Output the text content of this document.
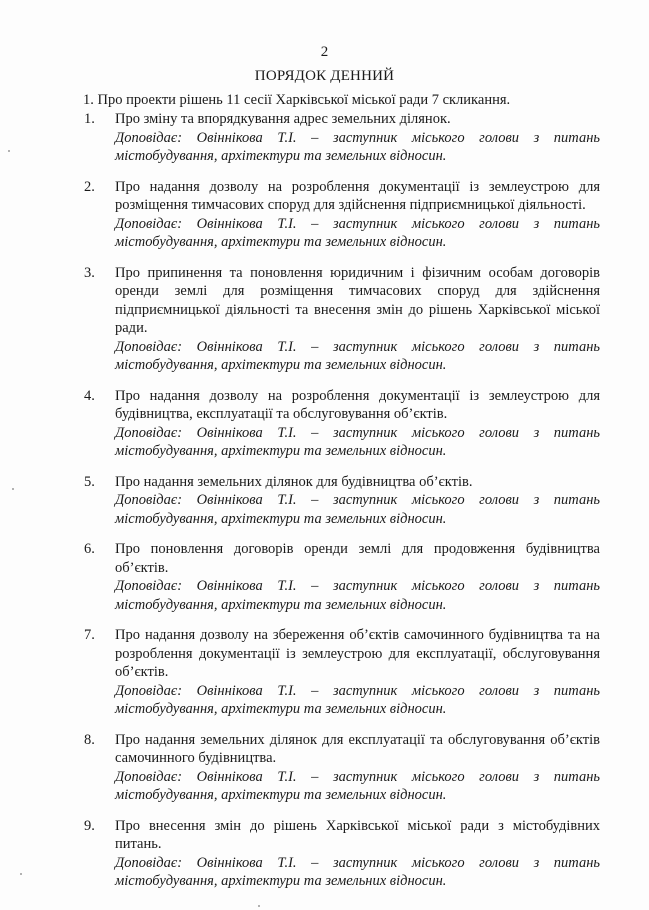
2
ПОРЯДОК ДЕННИЙ
1. Про проекти рішень 11 сесії Харківської міської ради 7 скликання.
1. Про зміну та впорядкування адрес земельних ділянок.
Доповідає: Овіннікова Т.І. – заступник міського голови з питань
містобудування, архітектури та земельних відносин.
2. Про надання дозволу на розроблення документації із землеустрою для розміщення тимчасових споруд для здійснення підприємницької діяльності.
Доповідає: Овіннікова Т.І. – заступник міського голови з питань
містобудування, архітектури та земельних відносин.
3. Про припинення та поновлення юридичним і фізичним особам договорів оренди землі для розміщення тимчасових споруд для здійснення підприємницької діяльності та внесення змін до рішень Харківської міської ради.
Доповідає: Овіннікова Т.І. – заступник міського голови з питань
містобудування, архітектури та земельних відносин.
4. Про надання дозволу на розроблення документації із землеустрою для будівництва, експлуатації та обслуговування об’єктів.
Доповідає: Овіннікова Т.І. – заступник міського голови з питань
містобудування, архітектури та земельних відносин.
5. Про надання земельних ділянок для будівництва об’єктів.
Доповідає: Овіннікова Т.І. – заступник міського голови з питань
містобудування, архітектури та земельних відносин.
6. Про поновлення договорів оренди землі для продовження будівництва об’єктів.
Доповідає: Овіннікова Т.І. – заступник міського голови з питань
містобудування, архітектури та земельних відносин.
7. Про надання дозволу на збереження об’єктів самочинного будівництва та на розроблення документації із землеустрою для експлуатації, обслуговування об’єктів.
Доповідає: Овіннікова Т.І. – заступник міського голови з питань
містобудування, архітектури та земельних відносин.
8. Про надання земельних ділянок для експлуатації та обслуговування об’єктів самочинного будівництва.
Доповідає: Овіннікова Т.І. – заступник міського голови з питань
містобудування, архітектури та земельних відносин.
9. Про внесення змін до рішень Харківської міської ради з містобудівних питань.
Доповідає: Овіннікова Т.І. – заступник міського голови з питань
містобудування, архітектури та земельних відносин.
